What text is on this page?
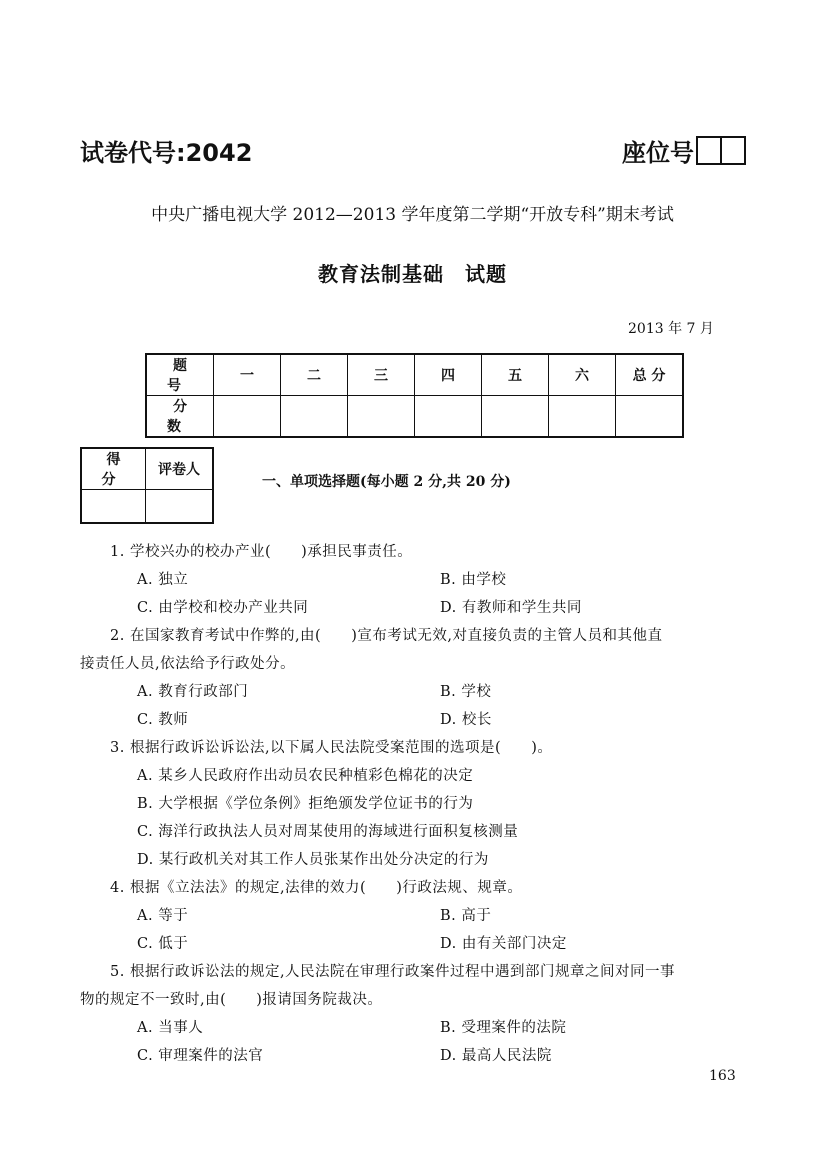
试卷代号:2042	座位号
中央广播电视大学 2012—2013 学年度第二学期“开放专科”期末考试
教育法制基础　试题
2013 年 7 月
题 号	一	二	三	四	五	六	总 分
分 数							
得 分	评卷人

一、单项选择题(每小题 2 分,共 20 分)
1. 学校兴办的校办产业(　　)承担民事责任。
A. 独立	B. 由学校
C. 由学校和校办产业共同	D. 有教师和学生共同
2. 在国家教育考试中作弊的,由(　　)宣布考试无效,对直接负责的主管人员和其他直
接责任人员,依法给予行政处分。
A. 教育行政部门	B. 学校
C. 教师	D. 校长
3. 根据行政诉讼诉讼法,以下属人民法院受案范围的选项是(　　)。
A. 某乡人民政府作出动员农民种植彩色棉花的决定
B. 大学根据《学位条例》拒绝颁发学位证书的行为
C. 海洋行政执法人员对周某使用的海域进行面积复核测量
D. 某行政机关对其工作人员张某作出处分决定的行为
4. 根据《立法法》的规定,法律的效力(　　)行政法规、规章。
A. 等于	B. 高于
C. 低于	D. 由有关部门决定
5. 根据行政诉讼法的规定,人民法院在审理行政案件过程中遇到部门规章之间对同一事
物的规定不一致时,由(　　)报请国务院裁决。
A. 当事人	B. 受理案件的法院
C. 审理案件的法官	D. 最高人民法院
163
